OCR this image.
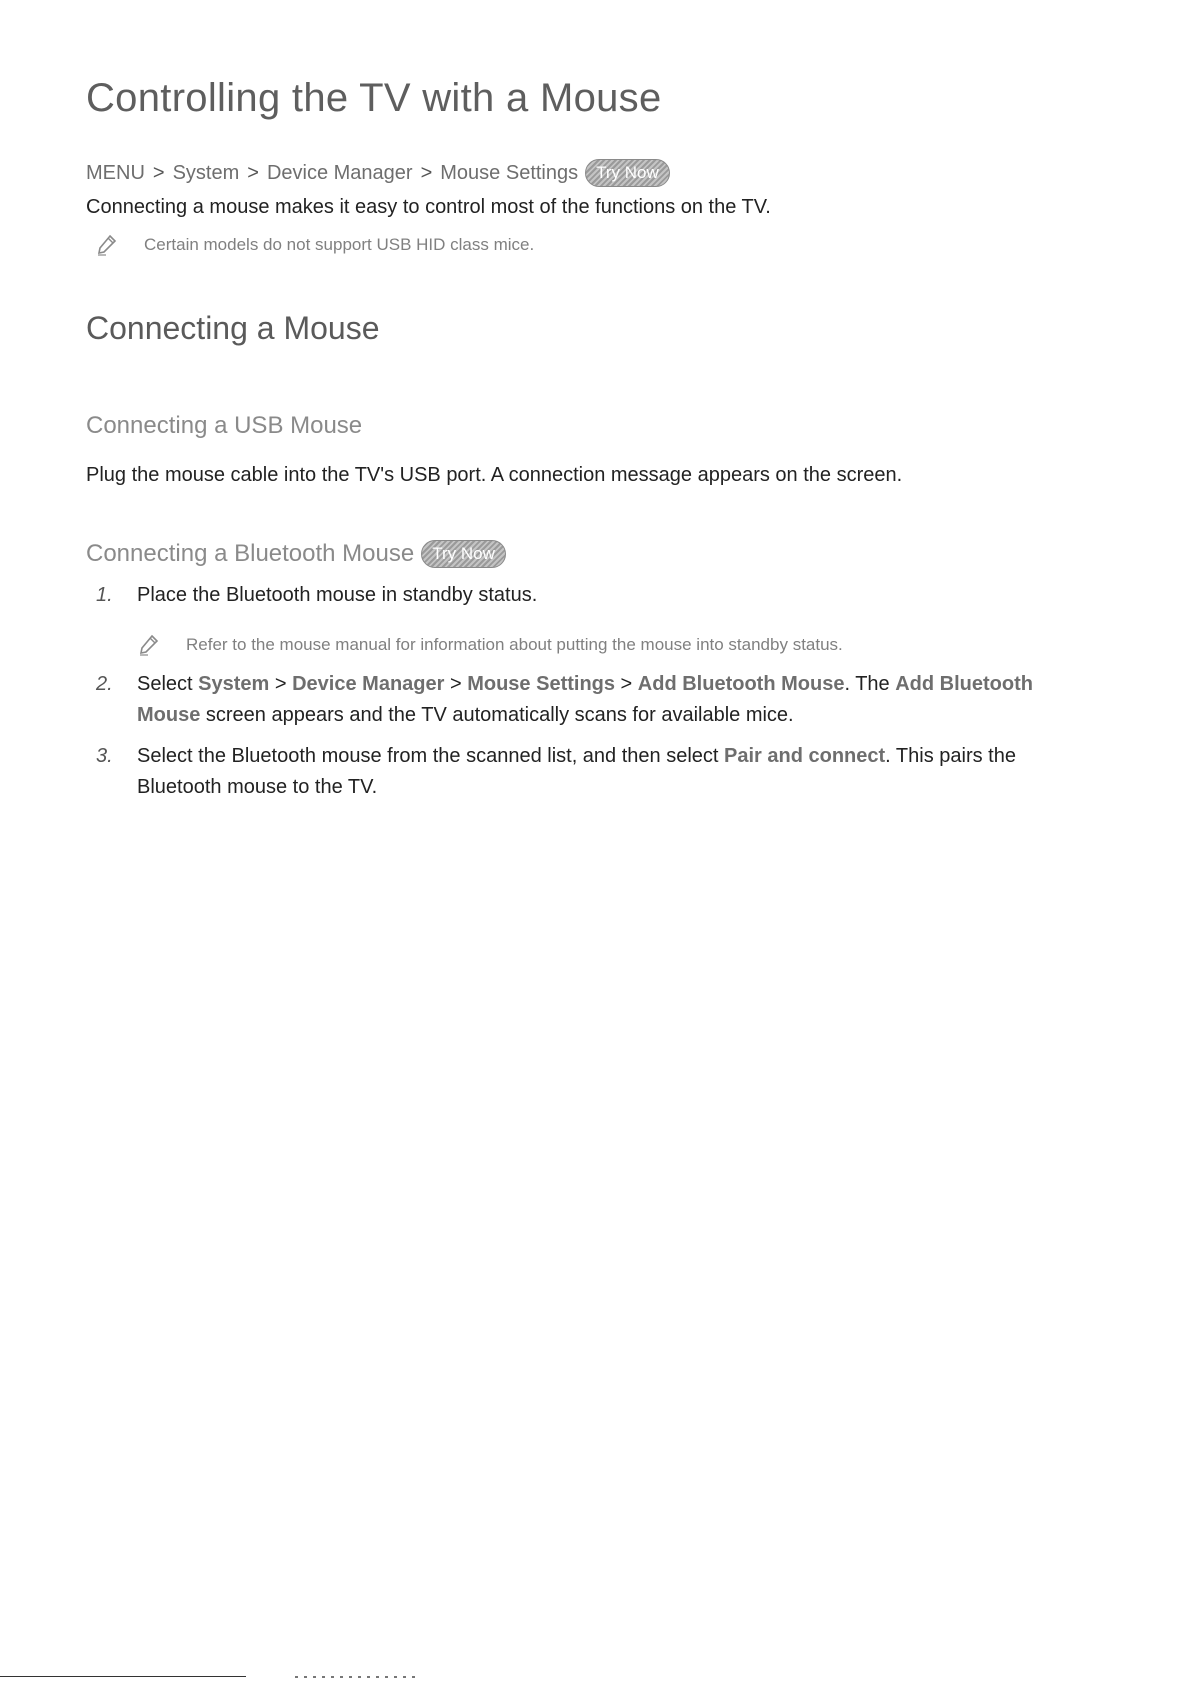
Controlling the TV with a Mouse
MENU > System > Device Manager > Mouse Settings	Try Now
Connecting a mouse makes it easy to control most of the functions on the TV.
Certain models do not support USB HID class mice.
Connecting a Mouse
Connecting a USB Mouse
Plug the mouse cable into the TV's USB port. A connection message appears on the screen.
Connecting a Bluetooth Mouse	Try Now
1. Place the Bluetooth mouse in standby status.
Refer to the mouse manual for information about putting the mouse into standby status.
2. Select System > Device Manager > Mouse Settings > Add Bluetooth Mouse. The Add Bluetooth Mouse screen appears and the TV automatically scans for available mice.
3. Select the Bluetooth mouse from the scanned list, and then select Pair and connect. This pairs the Bluetooth mouse to the TV.
